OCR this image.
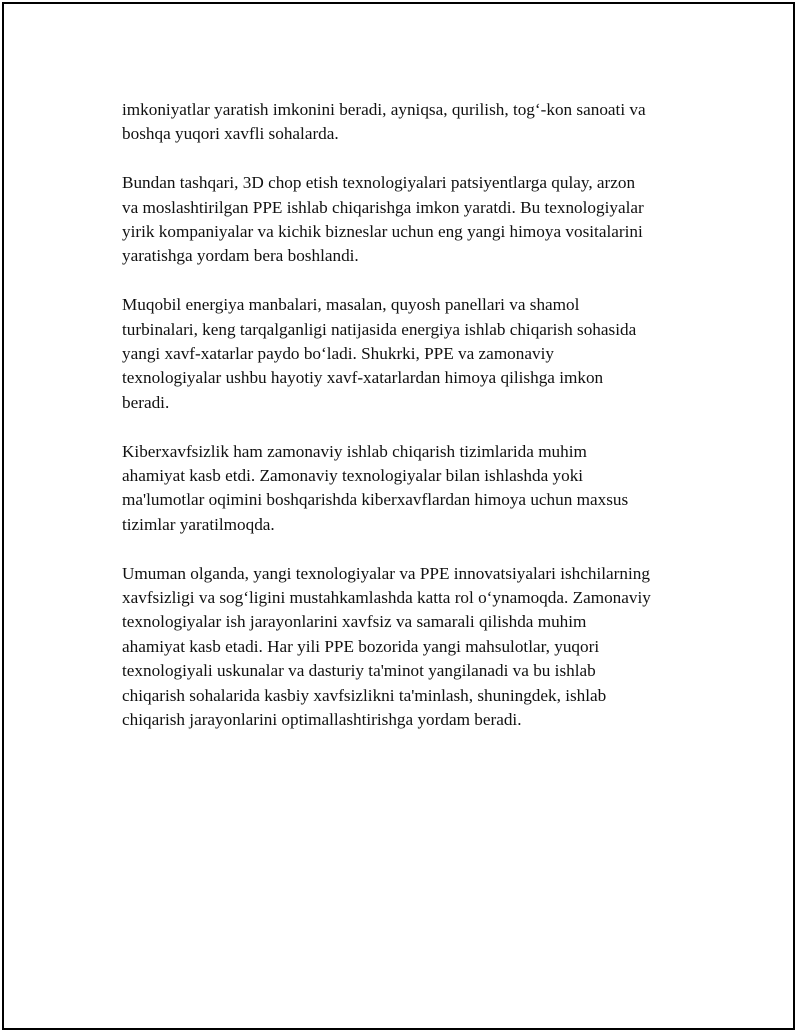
imkoniyatlar yaratish imkonini beradi, ayniqsa, qurilish, tog‘-kon sanoati va
boshqa yuqori xavfli sohalarda.

Bundan tashqari, 3D chop etish texnologiyalari patsiyentlarga qulay, arzon
va moslashtirilgan PPE ishlab chiqarishga imkon yaratdi. Bu texnologiyalar
yirik kompaniyalar va kichik bizneslar uchun eng yangi himoya vositalarini
yaratishga yordam bera boshlandi.

Muqobil energiya manbalari, masalan, quyosh panellari va shamol
turbinalari, keng tarqalganligi natijasida energiya ishlab chiqarish sohasida
yangi xavf-xatarlar paydo bo‘ladi. Shukrki, PPE va zamonaviy
texnologiyalar ushbu hayotiy xavf-xatarlardan himoya qilishga imkon
beradi.

Kiberxavfsizlik ham zamonaviy ishlab chiqarish tizimlarida muhim
ahamiyat kasb etdi. Zamonaviy texnologiyalar bilan ishlashda yoki
ma'lumotlar oqimini boshqarishda kiberxavflardan himoya uchun maxsus
tizimlar yaratilmoqda.

Umuman olganda, yangi texnologiyalar va PPE innovatsiyalari ishchilarning
xavfsizligi va sog‘ligini mustahkamlashda katta rol o‘ynamoqda. Zamonaviy
texnologiyalar ish jarayonlarini xavfsiz va samarali qilishda muhim
ahamiyat kasb etadi. Har yili PPE bozorida yangi mahsulotlar, yuqori
texnologiyali uskunalar va dasturiy ta'minot yangilanadi va bu ishlab
chiqarish sohalarida kasbiy xavfsizlikni ta'minlash, shuningdek, ishlab
chiqarish jarayonlarini optimallashtirishga yordam beradi.
